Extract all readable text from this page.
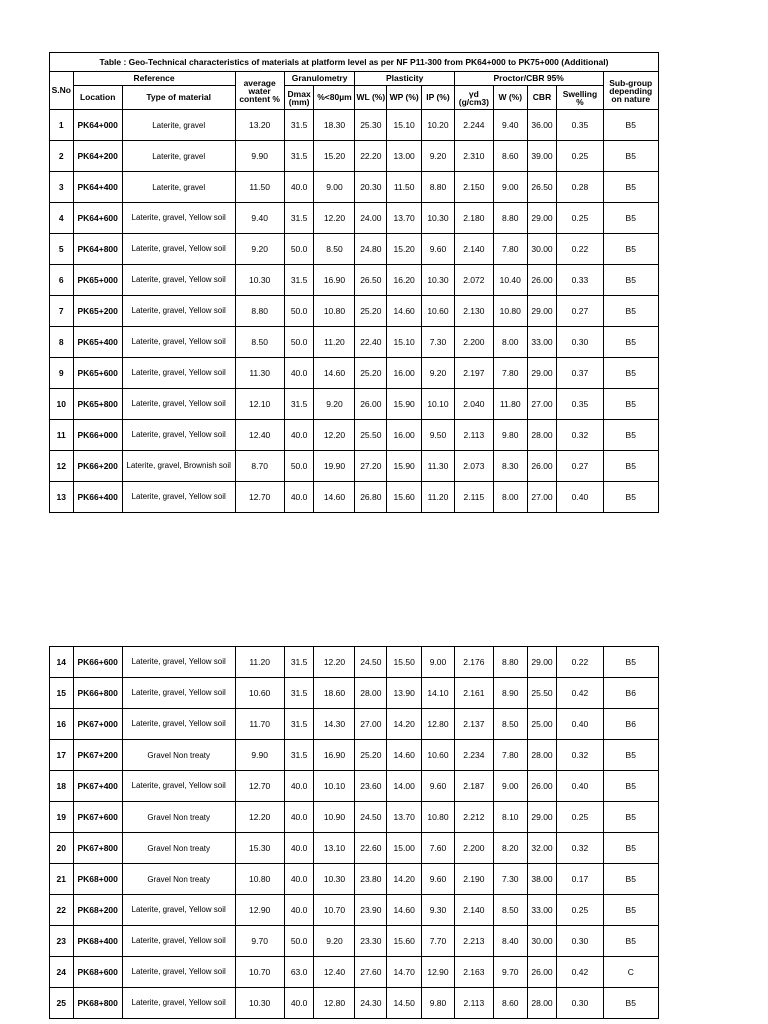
Table : Geo-Technical characteristics of materials at platform level as per NF P11-300 from PK64+000 to PK75+000 (Additional)													
S.No	Reference		average water content %	Granulometry		Plasticity			Proctor/CBR 95%				Sub-group depending on nature
	Location	Type of material		Dmax (mm)	%<80µm	WL (%)	WP (%)	IP (%)	γd (g/cm3)	W (%)	CBR	Swelling %	
1	PK64+000	Laterite, gravel	13.20	31.5	18.30	25.30	15.10	10.20	2.244	9.40	36.00	0.35	B5
2	PK64+200	Laterite, gravel	9.90	31.5	15.20	22.20	13.00	9.20	2.310	8.60	39.00	0.25	B5
3	PK64+400	Laterite, gravel	11.50	40.0	9.00	20.30	11.50	8.80	2.150	9.00	26.50	0.28	B5
4	PK64+600	Laterite, gravel, Yellow soil	9.40	31.5	12.20	24.00	13.70	10.30	2.180	8.80	29.00	0.25	B5
5	PK64+800	Laterite, gravel, Yellow soil	9.20	50.0	8.50	24.80	15.20	9.60	2.140	7.80	30.00	0.22	B5
6	PK65+000	Laterite, gravel, Yellow soil	10.30	31.5	16.90	26.50	16.20	10.30	2.072	10.40	26.00	0.33	B5
7	PK65+200	Laterite, gravel, Yellow soil	8.80	50.0	10.80	25.20	14.60	10.60	2.130	10.80	29.00	0.27	B5
8	PK65+400	Laterite, gravel, Yellow soil	8.50	50.0	11.20	22.40	15.10	7.30	2.200	8.00	33.00	0.30	B5
9	PK65+600	Laterite, gravel, Yellow soil	11.30	40.0	14.60	25.20	16.00	9.20	2.197	7.80	29.00	0.37	B5
10	PK65+800	Laterite, gravel, Yellow soil	12.10	31.5	9.20	26.00	15.90	10.10	2.040	11.80	27.00	0.35	B5
11	PK66+000	Laterite, gravel, Yellow soil	12.40	40.0	12.20	25.50	16.00	9.50	2.113	9.80	28.00	0.32	B5
12	PK66+200	Laterite, gravel, Brownish soil	8.70	50.0	19.90	27.20	15.90	11.30	2.073	8.30	26.00	0.27	B5
13	PK66+400	Laterite, gravel, Yellow soil	12.70	40.0	14.60	26.80	15.60	11.20	2.115	8.00	27.00	0.40	B5
14	PK66+600	Laterite, gravel, Yellow soil	11.20	31.5	12.20	24.50	15.50	9.00	2.176	8.80	29.00	0.22	B5
15	PK66+800	Laterite, gravel, Yellow soil	10.60	31.5	18.60	28.00	13.90	14.10	2.161	8.90	25.50	0.42	B6
16	PK67+000	Laterite, gravel, Yellow soil	11.70	31.5	14.30	27.00	14.20	12.80	2.137	8.50	25.00	0.40	B6
17	PK67+200	Gravel Non treaty	9.90	31.5	16.90	25.20	14.60	10.60	2.234	7.80	28.00	0.32	B5
18	PK67+400	Laterite, gravel, Yellow soil	12.70	40.0	10.10	23.60	14.00	9.60	2.187	9.00	26.00	0.40	B5
19	PK67+600	Gravel Non treaty	12.20	40.0	10.90	24.50	13.70	10.80	2.212	8.10	29.00	0.25	B5
20	PK67+800	Gravel Non treaty	15.30	40.0	13.10	22.60	15.00	7.60	2.200	8.20	32.00	0.32	B5
21	PK68+000	Gravel Non treaty	10.80	40.0	10.30	23.80	14.20	9.60	2.190	7.30	38.00	0.17	B5
22	PK68+200	Laterite, gravel, Yellow soil	12.90	40.0	10.70	23.90	14.60	9.30	2.140	8.50	33.00	0.25	B5
23	PK68+400	Laterite, gravel, Yellow soil	9.70	50.0	9.20	23.30	15.60	7.70	2.213	8.40	30.00	0.30	B5
24	PK68+600	Laterite, gravel, Yellow soil	10.70	63.0	12.40	27.60	14.70	12.90	2.163	9.70	26.00	0.42	C
25	PK68+800	Laterite, gravel, Yellow soil	10.30	40.0	12.80	24.30	14.50	9.80	2.113	8.60	28.00	0.30	B5
